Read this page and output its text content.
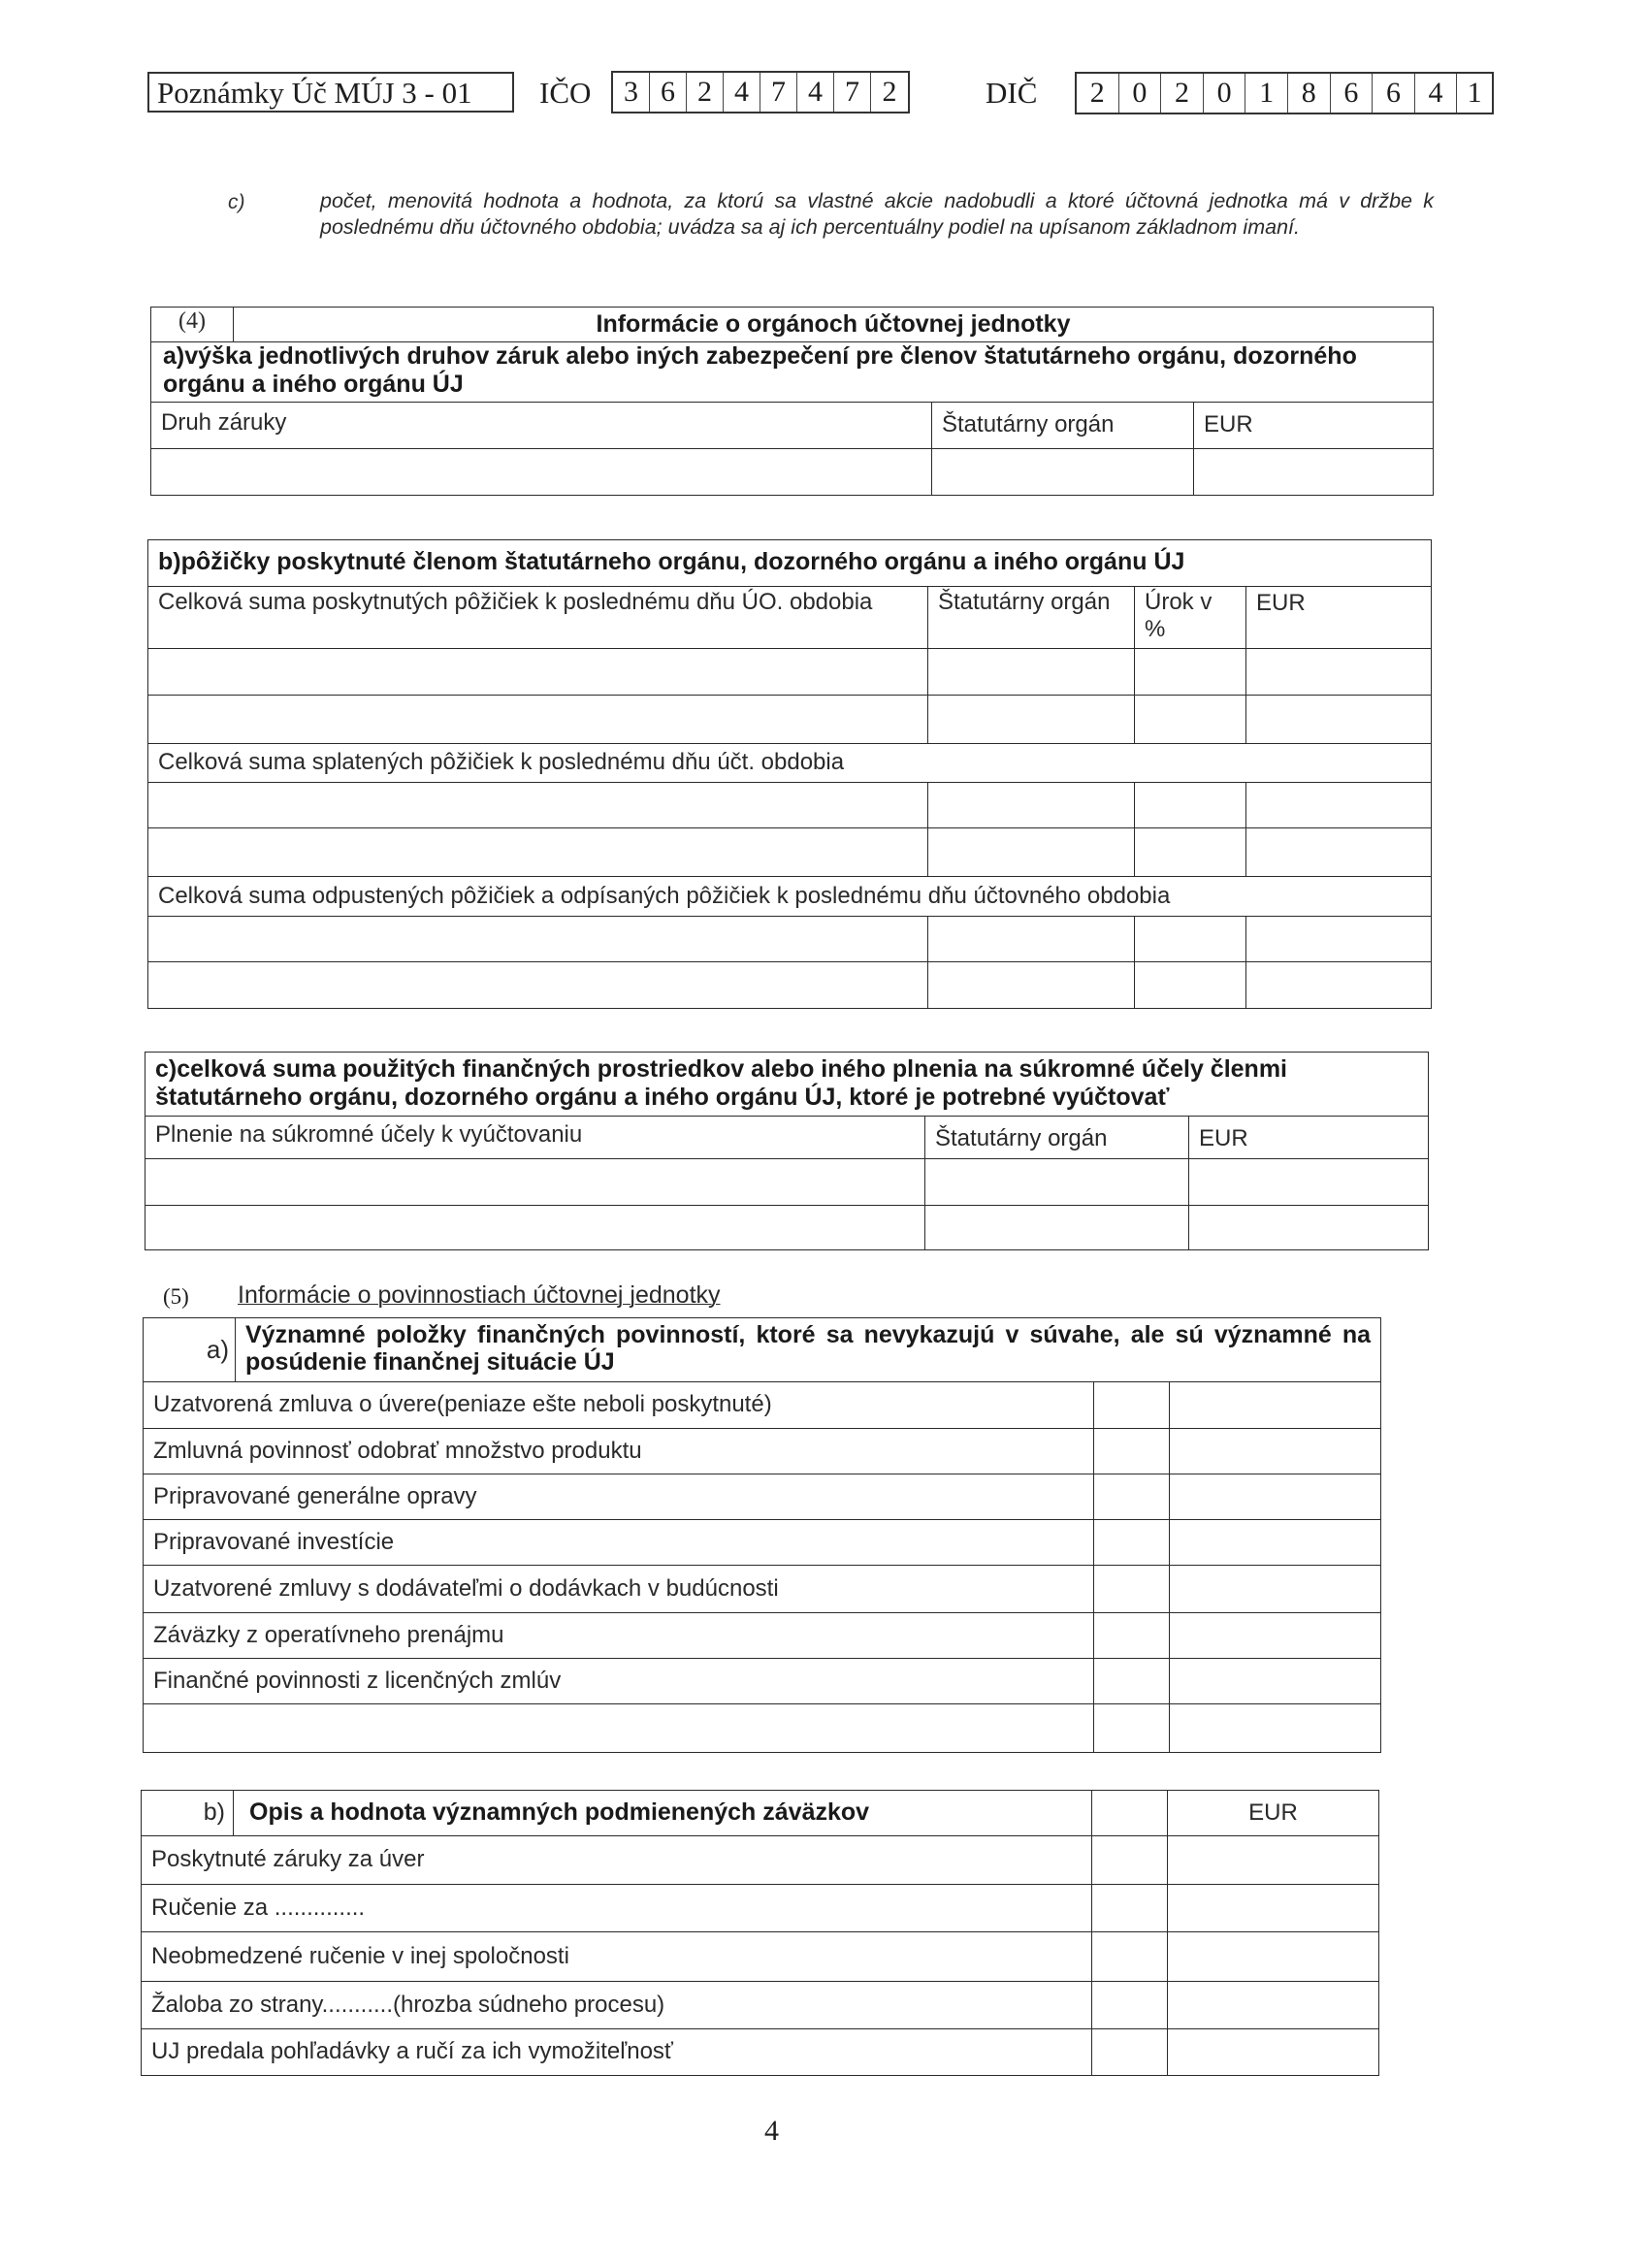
Poznámky Úč MÚJ 3 - 01	IČO	3 6 2 4 7 4 7 2	DIČ	2 0 2 0 1 8 6 6 4 1
c)	počet, menovitá hodnota a hodnota, za ktorú sa vlastné akcie nadobudli a ktoré účtovná jednotka má v držbe k poslednému dňu účtovného obdobia; uvádza sa aj ich percentuálny podiel na upísanom základnom imaní.
(4)	Informácie o orgánoch účtovnej jednotky		
a)výška jednotlivých druhov záruk alebo iných zabezpečení pre členov štatutárneho orgánu, dozorného orgánu a iného orgánu ÚJ			
Druh záruky		Štatutárny orgán	EUR

b)pôžičky poskytnuté členom štatutárneho orgánu, dozorného orgánu a iného orgánu ÚJ			
Celková suma poskytnutých pôžičiek k poslednému dňu ÚO. obdobia	Štatutárny orgán	Úrok v %	EUR

Celková suma splatených pôžičiek k poslednému dňu účt. obdobia			

Celková suma odpustených pôžičiek a odpísaných pôžičiek k poslednému dňu účtovného obdobia			

c)celková suma použitých finančných prostriedkov alebo iného plnenia na súkromné účely členmi štatutárneho orgánu, dozorného orgánu a iného orgánu ÚJ, ktoré je potrebné vyúčtovať		
Plnenie na súkromné účely k vyúčtovaniu	Štatutárny orgán	EUR

(5) Informácie o povinnostiach účtovnej jednotky
a)	Významné položky finančných povinností, ktoré sa nevykazujú v súvahe, ale sú významné na posúdenie finančnej situácie ÚJ		
Uzatvorená zmluva o úvere(peniaze ešte neboli poskytnuté)			
Zmluvná povinnosť odobrať množstvo produktu			
Pripravované generálne opravy			
Pripravované investície			
Uzatvorené zmluvy s dodávateľmi o dodávkach v budúcnosti			
Záväzky z operatívneho prenájmu			
Finančné povinnosti z licenčných zmlúv			

b)	Opis a hodnota významných podmienených záväzkov		EUR
Poskytnuté záruky za úver			
Ručenie za ..............			
Neobmedzené ručenie v inej spoločnosti			
Žaloba zo strany...........(hrozba súdneho procesu)			
UJ predala pohľadávky a ručí za ich vymožiteľnosť			
4
